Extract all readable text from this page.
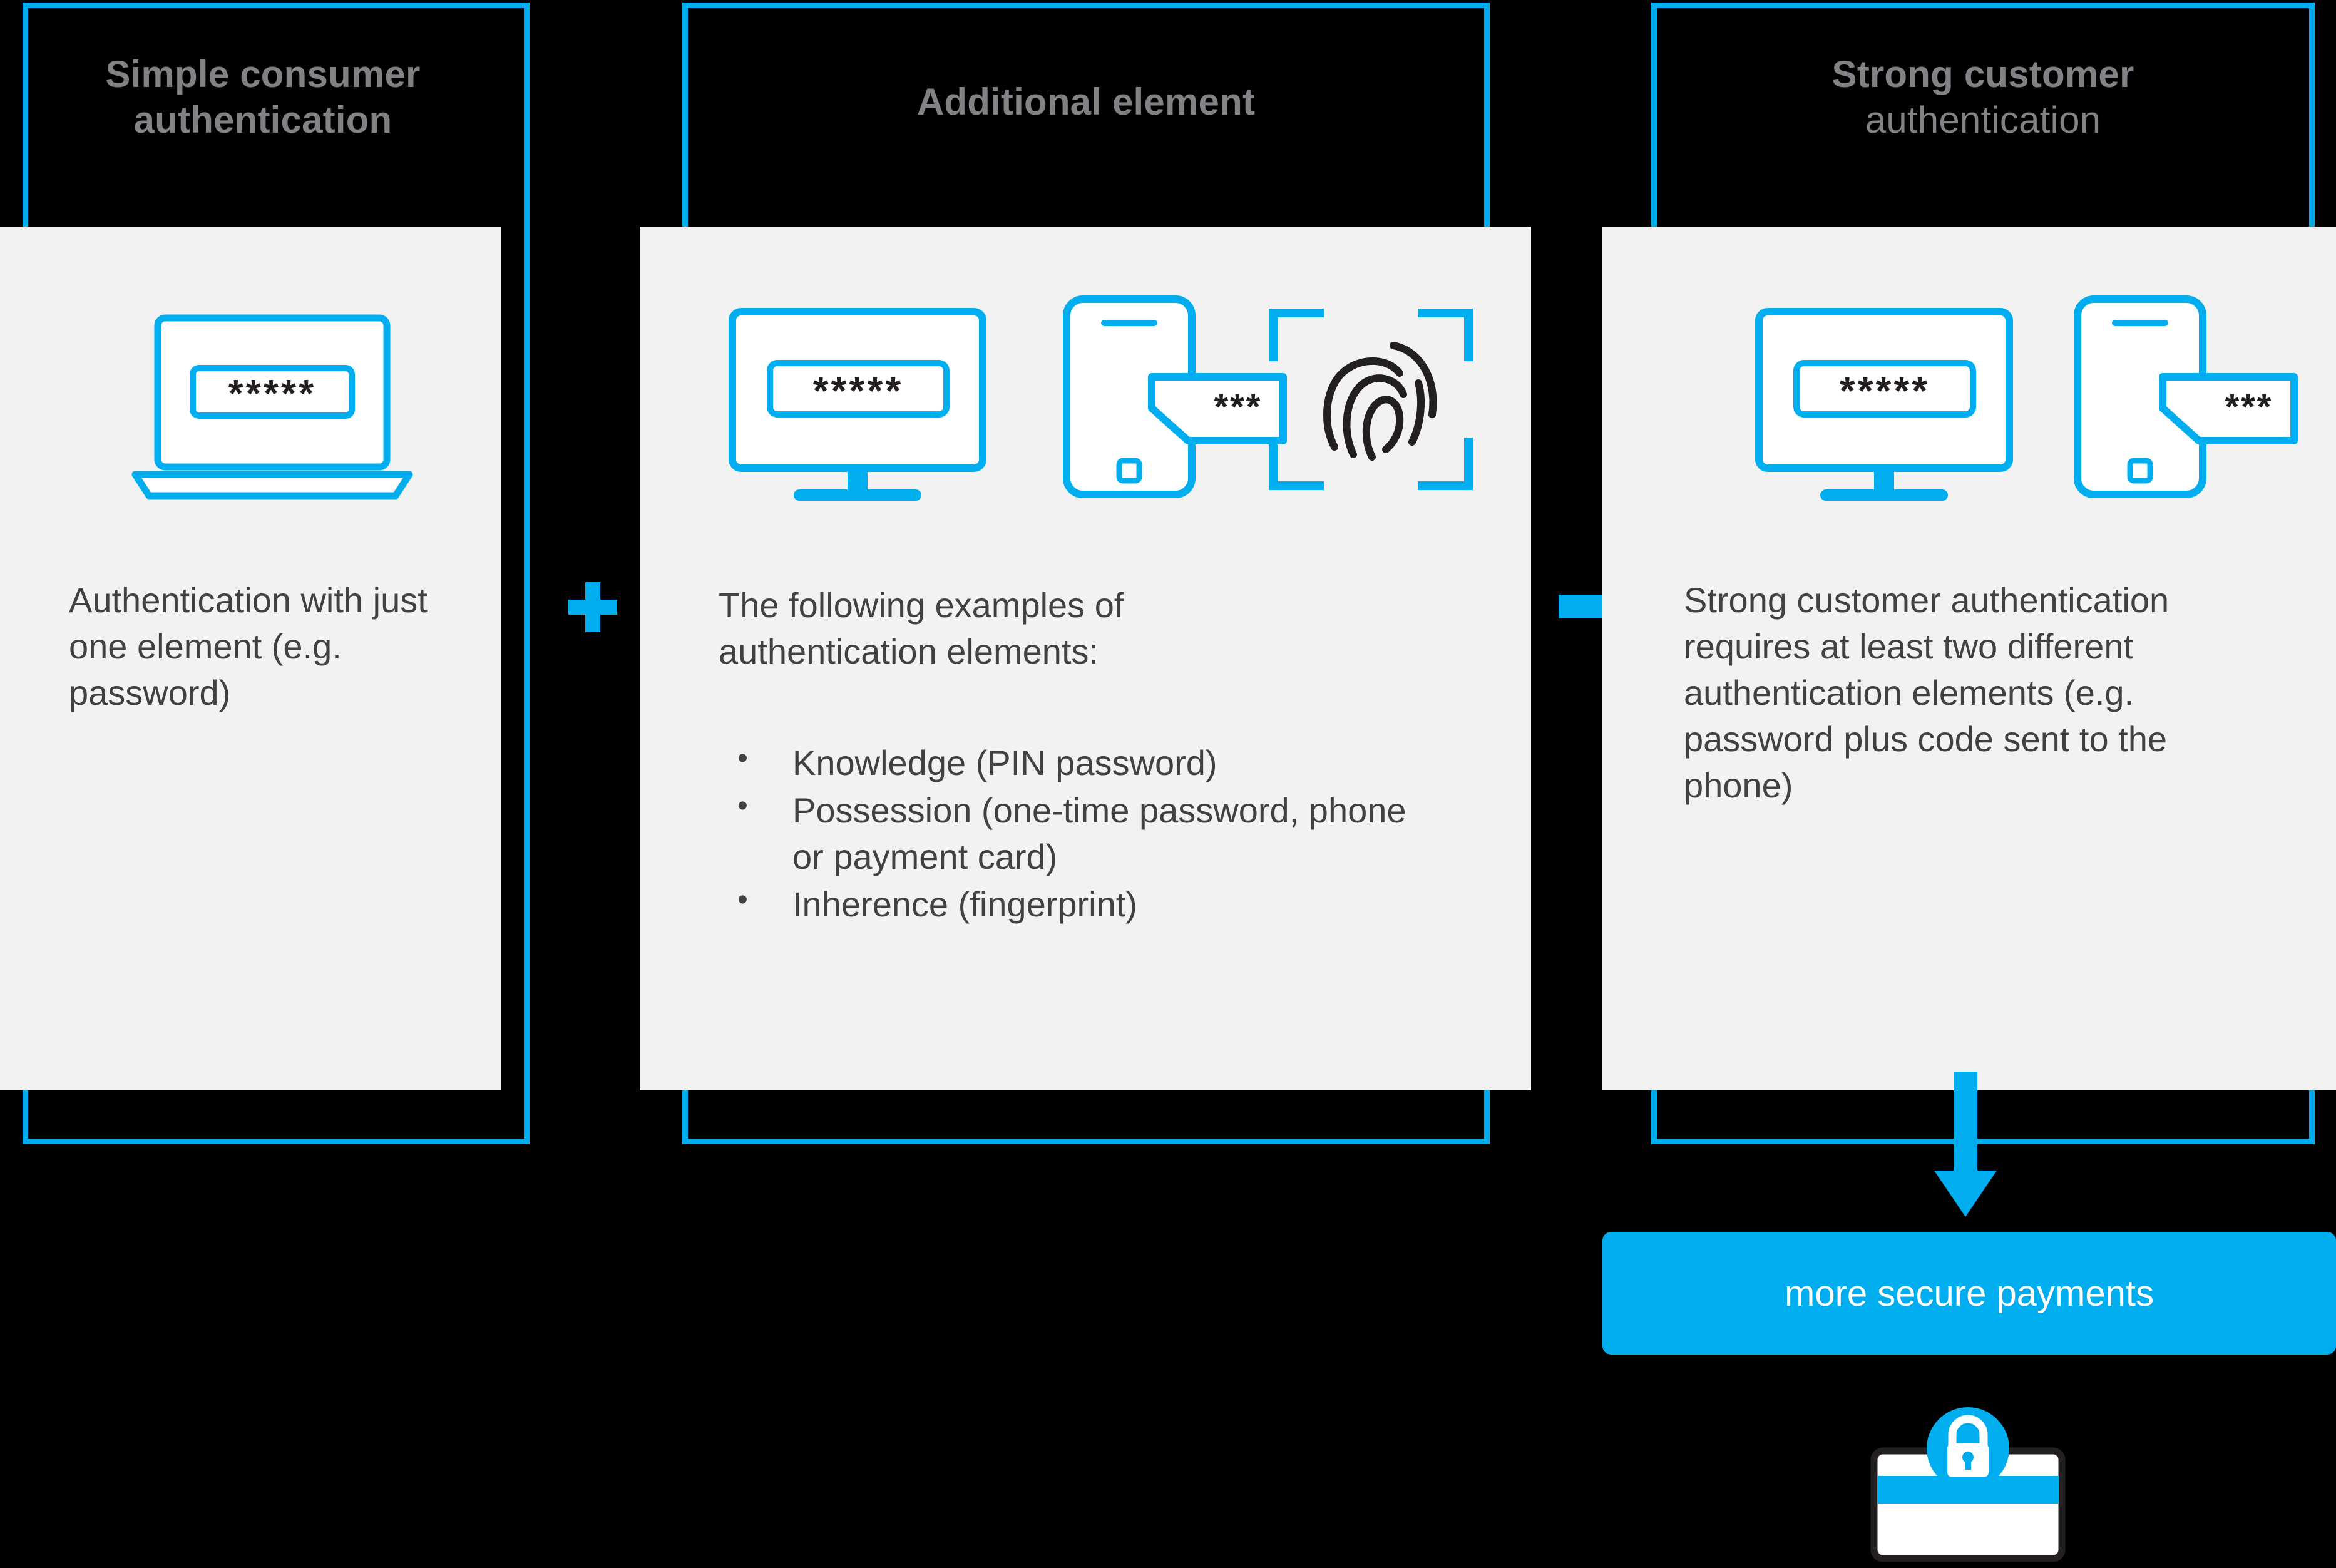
Simple consumer
authentication
*****
Authentication with just one element (e.g. password)
Additional element
*****	***
The following examples of authentication elements:
• Knowledge (PIN password)
• Possession (one-time password, phone or payment card)
• Inherence (fingerprint)
Strong customer
authentication
*****	***
Strong customer authentication requires at least two different authentication elements (e.g. password plus code sent to the phone)
more secure payments
